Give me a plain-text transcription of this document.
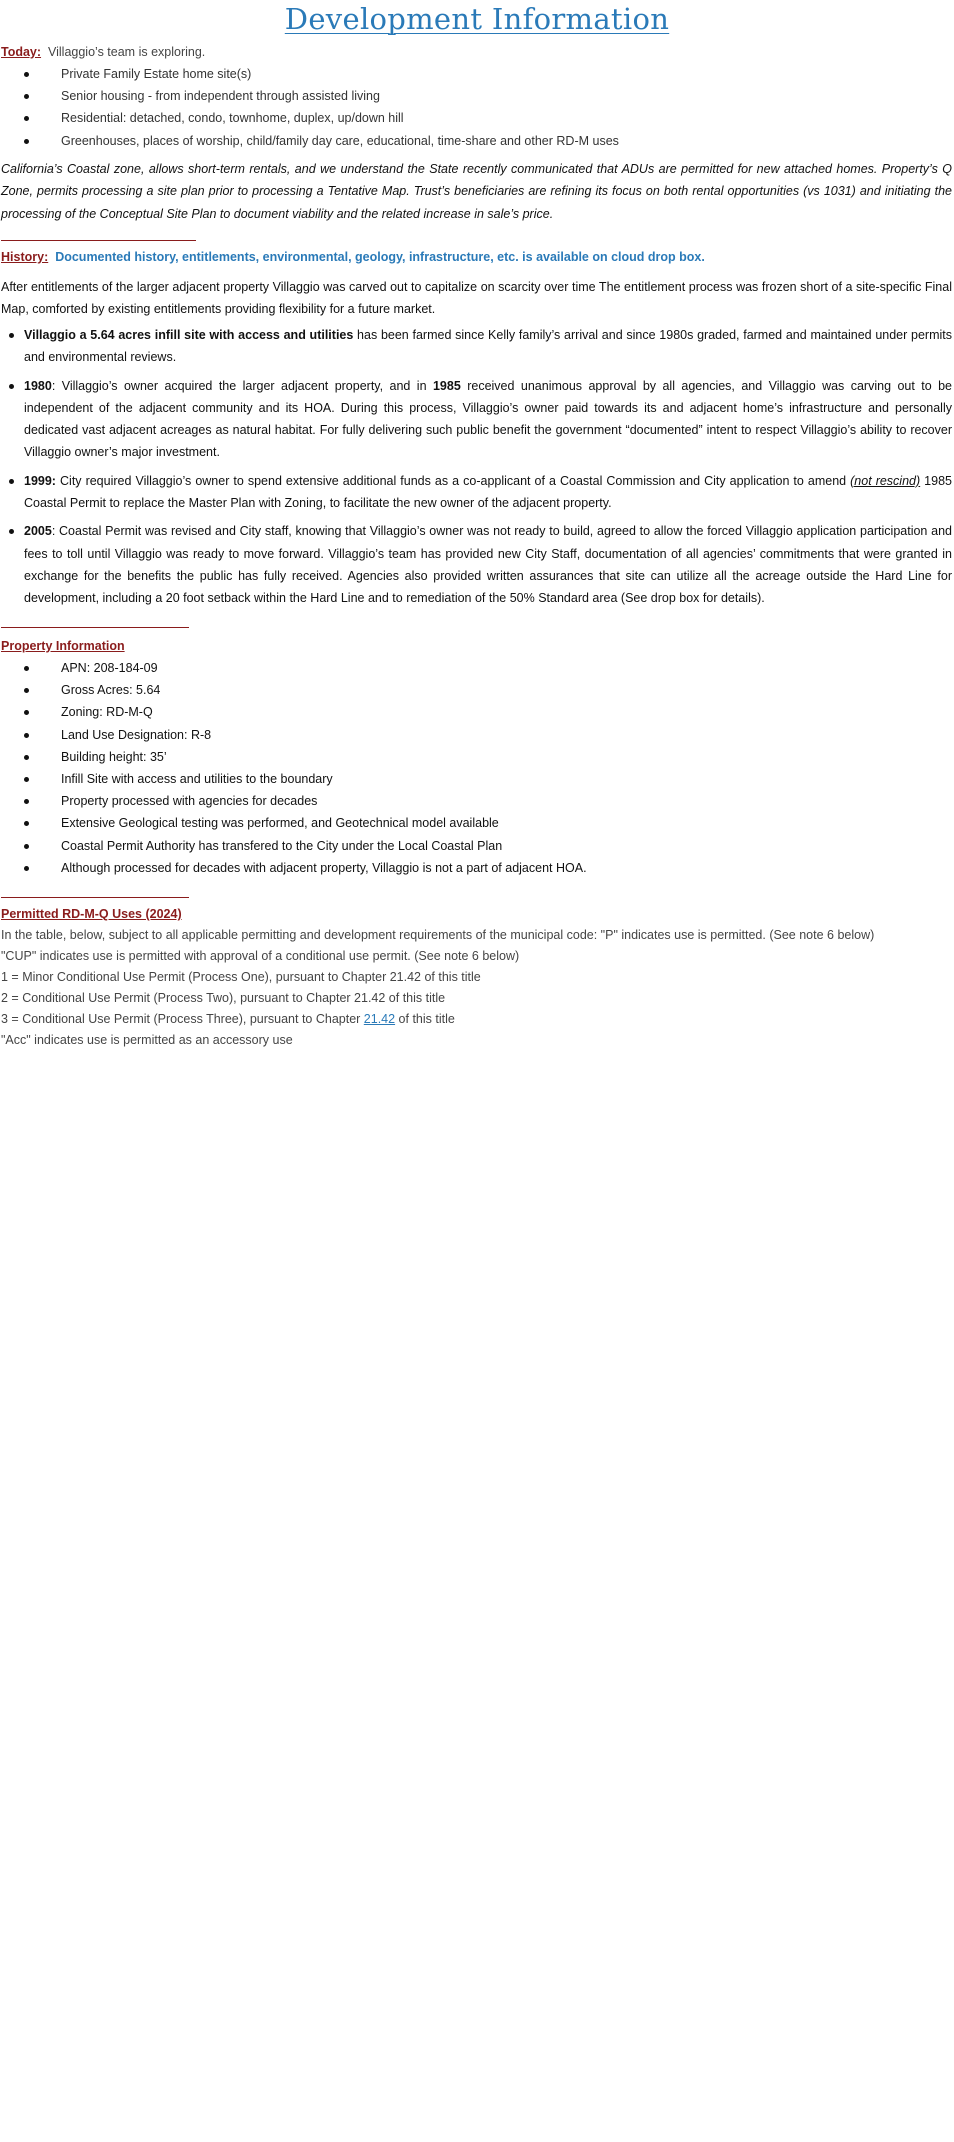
Development Information
Today: Villaggio’s team is exploring.
Private Family Estate home site(s)
Senior housing - from independent through assisted living
Residential: detached, condo, townhome, duplex, up/down hill
Greenhouses, places of worship, child/family day care, educational, time-share and other RD-M uses
California’s Coastal zone, allows short-term rentals, and we understand the State recently communicated that ADUs are permitted for new attached homes. Property’s Q Zone, permits processing a site plan prior to processing a Tentative Map. Trust’s beneficiaries are refining its focus on both rental opportunities (vs 1031) and initiating the processing of the Conceptual Site Plan to document viability and the related increase in sale’s price.
History: Documented history, entitlements, environmental, geology, infrastructure, etc. is available on cloud drop box.
After entitlements of the larger adjacent property Villaggio was carved out to capitalize on scarcity over time The entitlement process was frozen short of a site-specific Final Map, comforted by existing entitlements providing flexibility for a future market.
Villaggio a 5.64 acres infill site with access and utilities has been farmed since Kelly family’s arrival and since 1980s graded, farmed and maintained under permits and environmental reviews.
1980: Villaggio’s owner acquired the larger adjacent property, and in 1985 received unanimous approval by all agencies, and Villaggio was carving out to be independent of the adjacent community and its HOA. During this process, Villaggio’s owner paid towards its and adjacent home’s infrastructure and personally dedicated vast adjacent acreages as natural habitat. For fully delivering such public benefit the government “documented” intent to respect Villaggio’s ability to recover Villaggio owner’s major investment.
1999: City required Villaggio’s owner to spend extensive additional funds as a co-applicant of a Coastal Commission and City application to amend (not rescind) 1985 Coastal Permit to replace the Master Plan with Zoning, to facilitate the new owner of the adjacent property.
2005: Coastal Permit was revised and City staff, knowing that Villaggio’s owner was not ready to build, agreed to allow the forced Villaggio application participation and fees to toll until Villaggio was ready to move forward. Villaggio’s team has provided new City Staff, documentation of all agencies’ commitments that were granted in exchange for the benefits the public has fully received. Agencies also provided written assurances that site can utilize all the acreage outside the Hard Line for development, including a 20 foot setback within the Hard Line and to remediation of the 50% Standard area (See drop box for details).
Property Information
APN: 208-184-09
Gross Acres: 5.64
Zoning: RD-M-Q
Land Use Designation: R-8
Building height: 35’
Infill Site with access and utilities to the boundary
Property processed with agencies for decades
Extensive Geological testing was performed, and Geotechnical model available
Coastal Permit Authority has transfered to the City under the Local Coastal Plan
Although processed for decades with adjacent property, Villaggio is not a part of adjacent HOA.
Permitted RD-M-Q Uses (2024)
In the table, below, subject to all applicable permitting and development requirements of the municipal code: "P" indicates use is permitted. (See note 6 below)
"CUP" indicates use is permitted with approval of a conditional use permit. (See note 6 below)
1 = Minor Conditional Use Permit (Process One), pursuant to Chapter 21.42 of this title
2 = Conditional Use Permit (Process Two), pursuant to Chapter 21.42 of this title
3 = Conditional Use Permit (Process Three), pursuant to Chapter 21.42 of this title
"Acc" indicates use is permitted as an accessory use
